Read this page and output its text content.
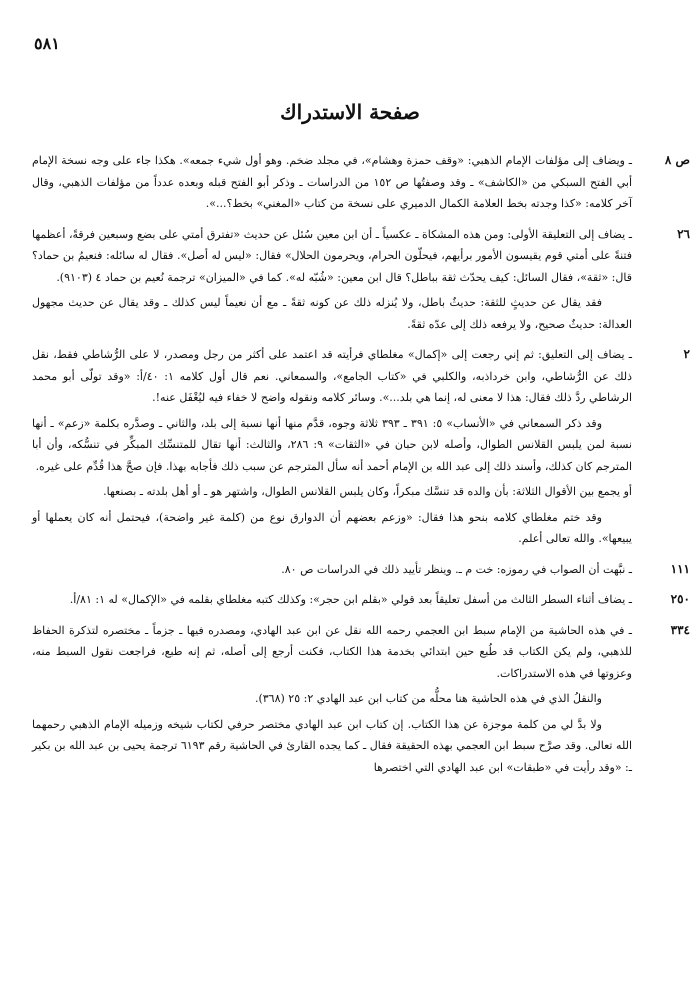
٥٨١
صفحة الاستدراك
ص ٨

ـ ويضاف إلى مؤلفات الإمام الذهبي: «وقف حمزة وهشام»، في مجلد ضخم. وهو أول شيء جمعه». هكذا جاء على وجه نسخة الإمام أبي الفتح السبكي من «الكاشف» ـ وقد وصفتُها ص ١٥٢ من الدراسات ـ وذكر أبو الفتح قبله وبعده عدداً من مؤلفات الذهبي، وقال آخر كلامه: «كذا وجدته بخط العلامة الكمال الدميري على نسخة من كتاب «المغني» بخط؟...».

٢٦

ـ يضاف إلى التعليقة الأولى: ومن هذه المشكاة ـ عكسياً ـ أن ابن معين سُئل عن حديث «تفترق أمتي على بضع وسبعين فرقةً، أعظمها فتنةً على أمتي قوم يقيسون الأمور برأيهم، فيحلّون الحرام، ويحرمون الحلال» فقال: «ليس له أصل». فقال له سائله: فنعيمُ بن حماد؟ قال: «ثقة»، فقال السائل: كيف يحدّث ثقة بباطل؟ قال ابن معين: «شُبّه له». كما في «الميزان» ترجمة نُعيم بن حماد ٤ (٩١٠٣).

فقد يقال عن حديثٍ للثقة: حديثٌ باطل، ولا يُنزله ذلك عن كونه ثقةً ـ مع أن نعيماً ليس كذلك ـ وقد يقال عن حديث مجهول العدالة: حديثٌ صحيح، ولا يرفعه ذلك إلى عدّه ثقةً.

٢

ـ يضاف إلى التعليق: ثم إني رجعت إلى «إكمال» مغلطاي فرأيته قد اعتمد على أكثر من رجل ومصدر، لا على الرُّشاطي فقط، نقل ذلك عن الرُّشاطي، وابن خرداذبه، والكلبي في «كتاب الجامع»، والسمعاني. نعم قال أول كلامه ١: ٤٠/أ: «وقد تولّى أبو محمد الرشاطي ردَّ ذلك فقال: هذا لا معنى له، إنما هي بلد...». وسائر كلامه ونقوله واضح لا خفاء فيه ليُغْفَل عنه!.

وقد ذكر السمعاني في «الأنساب» ٥: ٣٩١ ـ ٣٩٣ ثلاثة وجوه، قدَّم منها أنها نسبة إلى بلد، والثاني ـ وصدَّره بكلمة «زعم» ـ أنها نسبة لمن يلبس القلانس الطوال، وأصله لابن حبان في «الثقات» ٩: ٢٨٦، والثالث: أنها تقال للمتنسِّك المبكِّر في تنسُّكه، وأن أبا المترجم كان كذلك، وأسند ذلك إلى عبد الله بن الإمام أحمد أنه سأل المترجم عن سبب ذلك فأجابه بهذا. فإن صحَّ هذا قُدِّم على غيره.

أو يجمع بين الأقوال الثلاثة: بأن والده قد تنسَّك مبكراً، وكان يلبس القلانس الطوال، واشتهر هو ـ أو أهل بلدته ـ بصنعها.

وقد ختم مغلطاي كلامه بنحو هذا فقال: «وزعم بعضهم أن الدوارق نوع من (كلمة غير واضحة)، فيحتمل أنه كان يعملها أو يبيعها». والله تعالى أعلم.

١١١

ـ نبَّهت أن الصواب في رموزه: خت م ـ. وينظر تأييد ذلك في الدراسات ص ٨٠.

٢٥٠

ـ يضاف أثناء السطر الثالث من أسفل تعليقاً بعد قولي «بقلم ابن حجر»: وكذلك كتبه مغلطاي بقلمه في «الإكمال» له ١: ٨١/أ.

٣٣٤

ـ في هذه الحاشية من الإمام سبط ابن العجمي رحمه الله نقل عن ابن عبد الهادي، ومصدره فيها ـ جزماً ـ مختصره لتذكرة الحفاظ للذهبي، ولم يكن الكتاب قد طُبع حين ابتدائي بخدمة هذا الكتاب، فكنت أرجع إلى أصله، ثم إنه طبع، فراجعت نقول السبط منه، وعزوتها في هذه الاستدراكات.

والنقلُ الذي في هذه الحاشية هنا محلُّه من كتاب ابن عبد الهادي ٢: ٢٥ (٣٦٨).

ولا بدَّ لي من كلمة موجزة عن هذا الكتاب. إن كتاب ابن عبد الهادي مختصر حرفي لكتاب شيخه وزميله الإمام الذهبي رحمهما الله تعالى. وقد صرَّح سبط ابن العجمي بهذه الحقيقة فقال ـ كما يجده القارئ في الحاشية رقم ٦١٩٣ ترجمة يحيى بن عبد الله بن بكير ـ: «وقد رأيت في «طبقات» ابن عبد الهادي التي اختصرها
